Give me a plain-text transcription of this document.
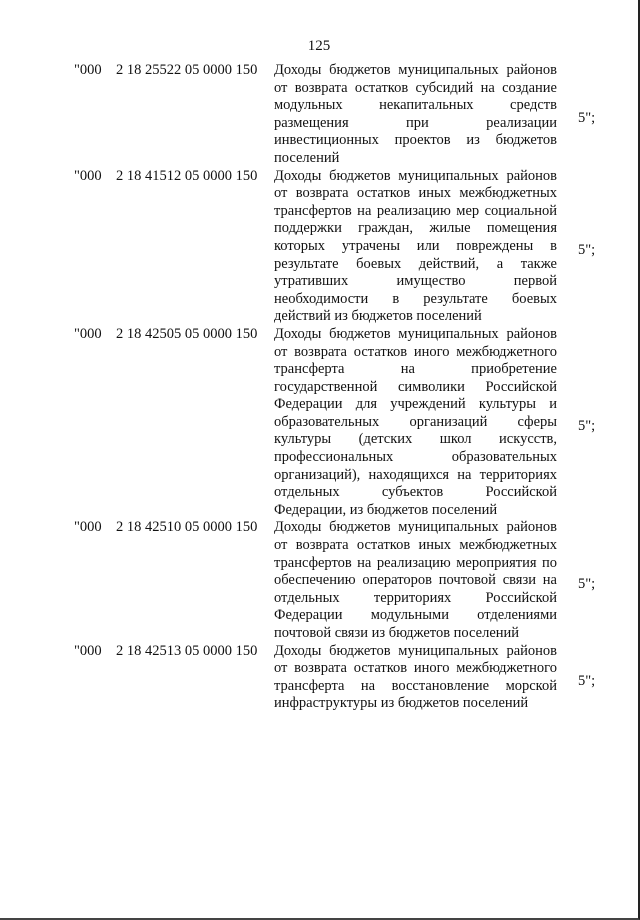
125
"000 2 18 25522 05 0000 150 Доходы бюджетов муниципальных районов
от возврата остатков субсидий на создание
модульных некапитальных средств
размещения при реализации
инвестиционных проектов из бюджетов
поселений
5";
"000 2 18 41512 05 0000 150 Доходы бюджетов муниципальных районов
от возврата остатков иных межбюджетных
трансфертов на реализацию мер социальной
поддержки граждан, жилые помещения
которых утрачены или повреждены в
результате боевых действий, а также
утративших имущество первой
необходимости в результате боевых
действий из бюджетов поселений
5";
"000 2 18 42505 05 0000 150 Доходы бюджетов муниципальных районов
от возврата остатков иного межбюджетного
трансферта на приобретение
государственной символики Российской
Федерации для учреждений культуры и
образовательных организаций сферы
культуры (детских школ искусств,
профессиональных образовательных
организаций), находящихся на территориях
отдельных субъектов Российской
Федерации, из бюджетов поселений
5";
"000 2 18 42510 05 0000 150 Доходы бюджетов муниципальных районов
от возврата остатков иных межбюджетных
трансфертов на реализацию мероприятия по
обеспечению операторов почтовой связи на
отдельных территориях Российской
Федерации модульными отделениями
почтовой связи из бюджетов поселений
5";
"000 2 18 42513 05 0000 150 Доходы бюджетов муниципальных районов
от возврата остатков иного межбюджетного
трансферта на восстановление морской
инфраструктуры из бюджетов поселений
5";
